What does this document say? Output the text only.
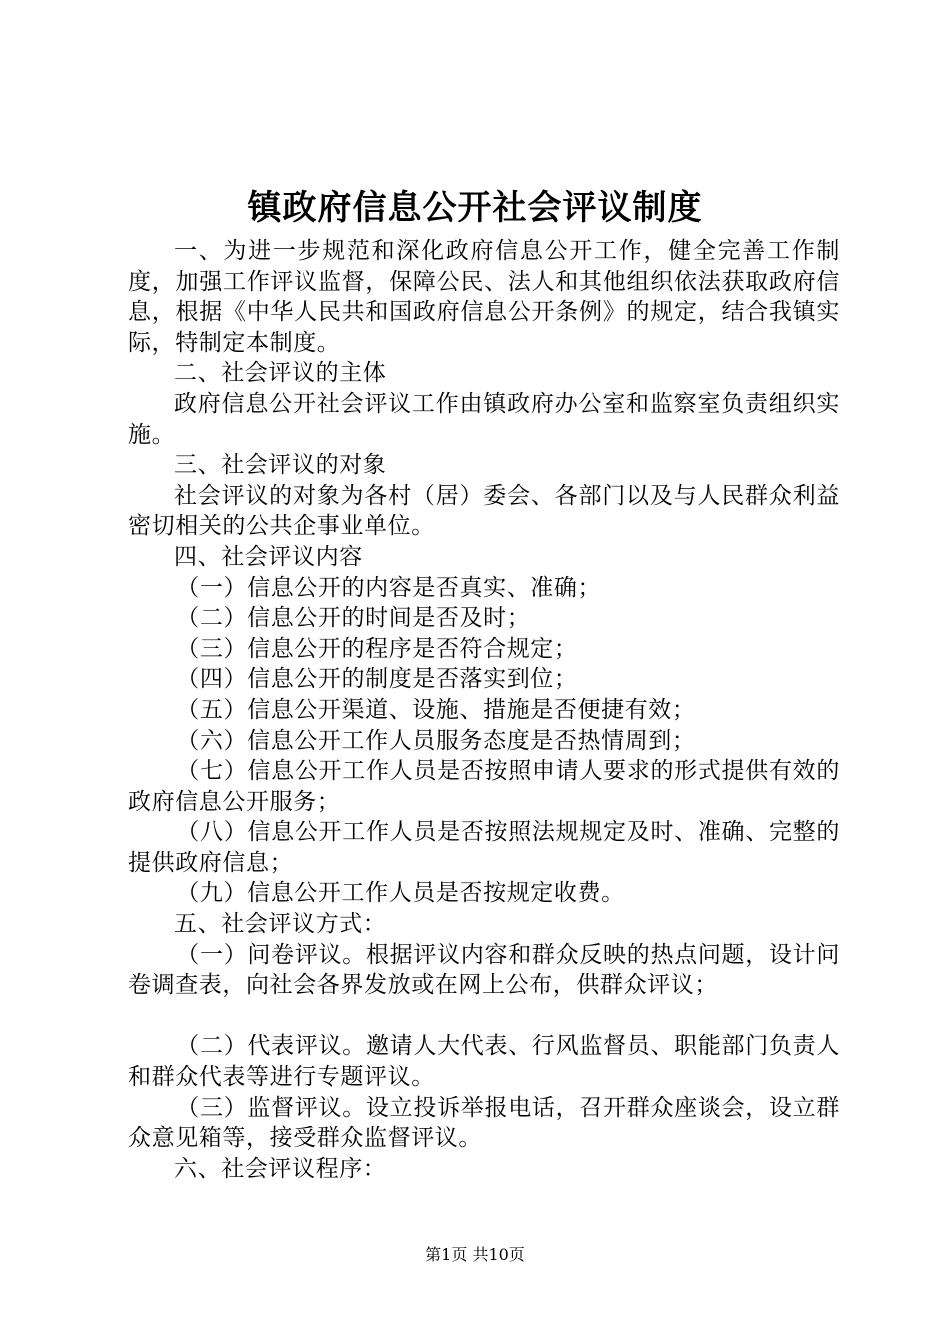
镇政府信息公开社会评议制度

一、为进一步规范和深化政府信息公开工作，健全完善工作制度，加强工作评议监督，保障公民、法人和其他组织依法获取政府信息，根据《中华人民共和国政府信息公开条例》的规定，结合我镇实际，特制定本制度。

二、社会评议的主体

政府信息公开社会评议工作由镇政府办公室和监察室负责组织实施。

三、社会评议的对象

社会评议的对象为各村（居）委会、各部门以及与人民群众利益密切相关的公共企事业单位。

四、社会评议内容

（一）信息公开的内容是否真实、准确；

（二）信息公开的时间是否及时；

（三）信息公开的程序是否符合规定；

（四）信息公开的制度是否落实到位；

（五）信息公开渠道、设施、措施是否便捷有效；

（六）信息公开工作人员服务态度是否热情周到；

（七）信息公开工作人员是否按照申请人要求的形式提供有效的政府信息公开服务；

（八）信息公开工作人员是否按照法规规定及时、准确、完整的提供政府信息；

（九）信息公开工作人员是否按规定收费。

五、社会评议方式：

（一）问卷评议。根据评议内容和群众反映的热点问题，设计问卷调查表，向社会各界发放或在网上公布，供群众评议；

（二）代表评议。邀请人大代表、行风监督员、职能部门负责人和群众代表等进行专题评议。

（三）监督评议。设立投诉举报电话，召开群众座谈会，设立群众意见箱等，接受群众监督评议。

六、社会评议程序：

第1页 共10页
